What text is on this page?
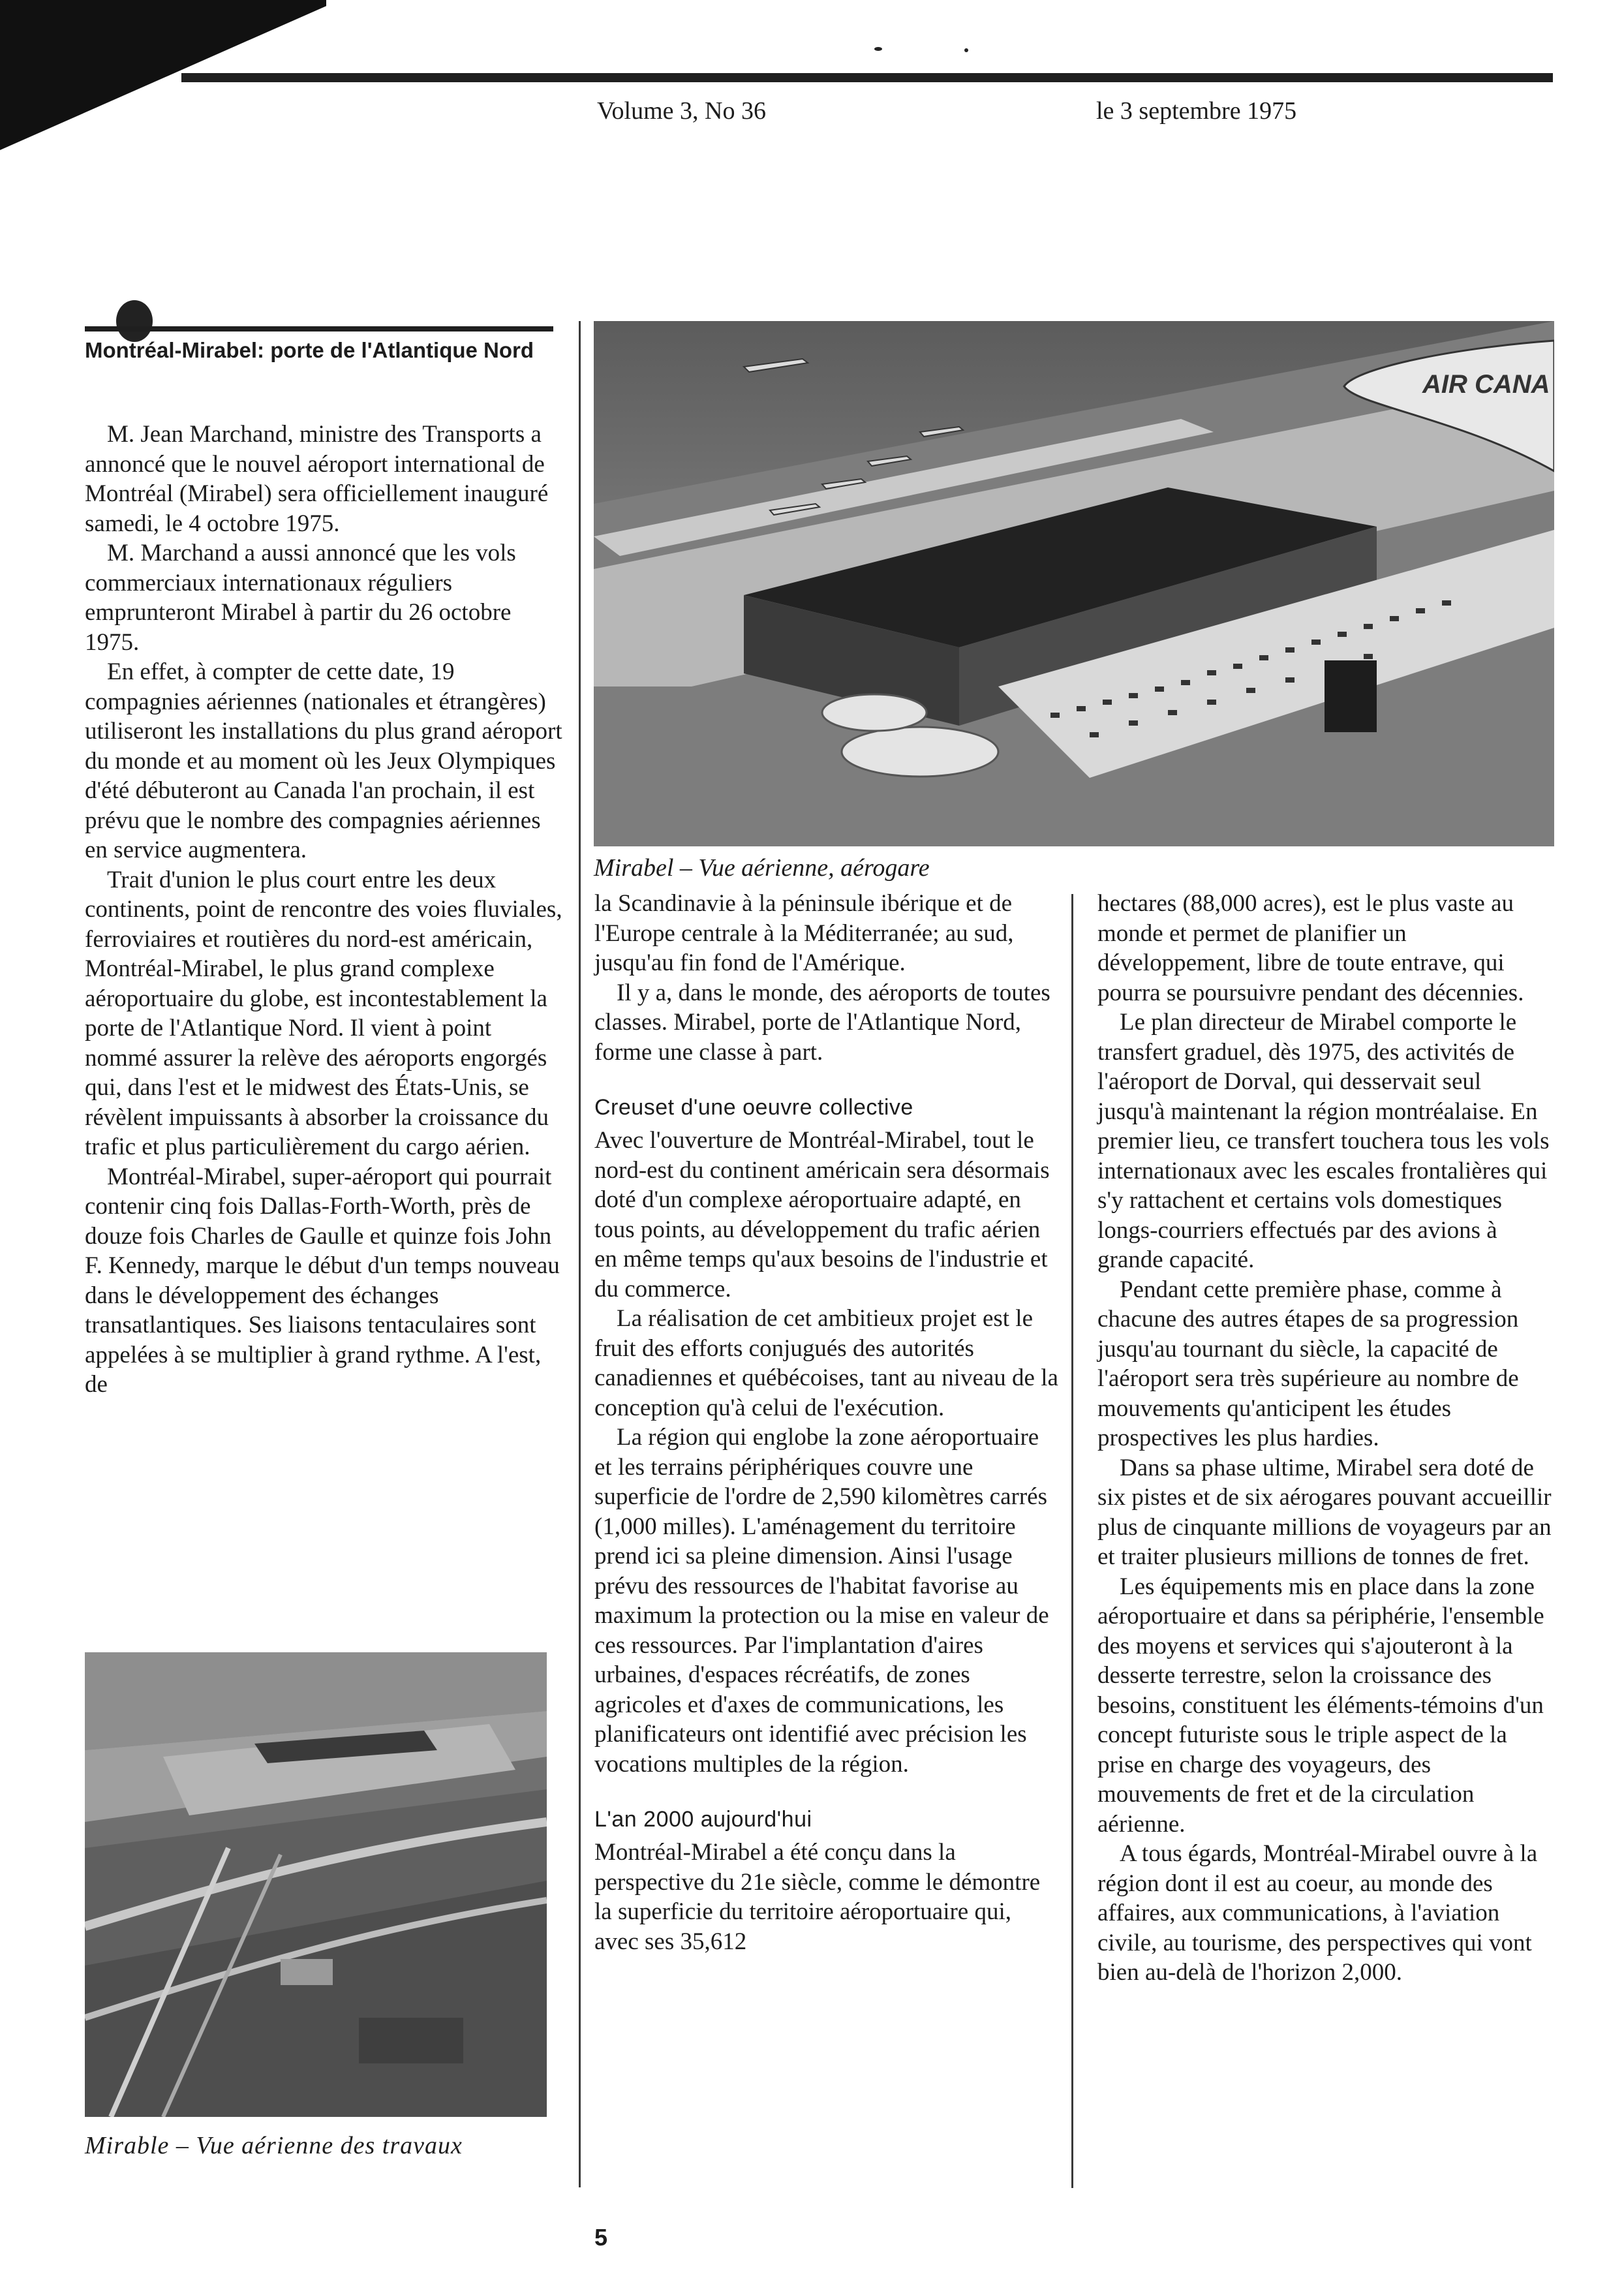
Volume 3, No 36	le 3 septembre 1975
Montréal-Mirabel: porte de l'Atlantique Nord

M. Jean Marchand, ministre des Transports a annoncé que le nouvel aéroport international de Montréal (Mirabel) sera officiellement inauguré samedi, le 4 octobre 1975.

M. Marchand a aussi annoncé que les vols commerciaux internationaux réguliers emprunteront Mirabel à partir du 26 octobre 1975.

En effet, à compter de cette date, 19 compagnies aériennes (nationales et étrangères) utiliseront les installations du plus grand aéroport du monde et au moment où les Jeux Olympiques d'été débuteront au Canada l'an prochain, il est prévu que le nombre des compagnies aériennes en service augmentera.

Trait d'union le plus court entre les deux continents, point de rencontre des voies fluviales, ferroviaires et routières du nord-est américain, Montréal-Mirabel, le plus grand complexe aéroportuaire du globe, est incontestablement la porte de l'Atlantique Nord. Il vient à point nommé assurer la relève des aéroports engorgés qui, dans l'est et le midwest des États-Unis, se révèlent impuissants à absorber la croissance du trafic et plus particulièrement du cargo aérien.

Montréal-Mirabel, super-aéroport qui pourrait contenir cinq fois Dallas-Forth-Worth, près de douze fois Charles de Gaulle et quinze fois John F. Kennedy, marque le début d'un temps nouveau dans le développement des échanges transatlantiques. Ses liaisons tentaculaires sont appelées à se multiplier à grand rythme. A l'est, de

AIR CANA
Mirabel – Vue aérienne, aérogare
Mirable – Vue aérienne des travaux

la Scandinavie à la péninsule ibérique et de l'Europe centrale à la Méditerranée; au sud, jusqu'au fin fond de l'Amérique.

Il y a, dans le monde, des aéroports de toutes classes. Mirabel, porte de l'Atlantique Nord, forme une classe à part.

Creuset d'une oeuvre collective

Avec l'ouverture de Montréal-Mirabel, tout le nord-est du continent américain sera désormais doté d'un complexe aéroportuaire adapté, en tous points, au développement du trafic aérien en même temps qu'aux besoins de l'industrie et du commerce.

La réalisation de cet ambitieux projet est le fruit des efforts conjugués des autorités canadiennes et québécoises, tant au niveau de la conception qu'à celui de l'exécution.

La région qui englobe la zone aéroportuaire et les terrains périphériques couvre une superficie de l'ordre de 2,590 kilomètres carrés (1,000 milles). L'aménagement du territoire prend ici sa pleine dimension. Ainsi l'usage prévu des ressources de l'habitat favorise au maximum la protection ou la mise en valeur de ces ressources. Par l'implantation d'aires urbaines, d'espaces récréatifs, de zones agricoles et d'axes de communications, les planificateurs ont identifié avec précision les vocations multiples de la région.

L'an 2000 aujourd'hui

Montréal-Mirabel a été conçu dans la perspective du 21e siècle, comme le démontre la superficie du territoire aéroportuaire qui, avec ses 35,612

hectares (88,000 acres), est le plus vaste au monde et permet de planifier un développement, libre de toute entrave, qui pourra se poursuivre pendant des décennies.

Le plan directeur de Mirabel comporte le transfert graduel, dès 1975, des activités de l'aéroport de Dorval, qui desservait seul jusqu'à maintenant la région montréalaise. En premier lieu, ce transfert touchera tous les vols internationaux avec les escales frontalières qui s'y rattachent et certains vols domestiques longs-courriers effectués par des avions à grande capacité.

Pendant cette première phase, comme à chacune des autres étapes de sa progression jusqu'au tournant du siècle, la capacité de l'aéroport sera très supérieure au nombre de mouvements qu'anticipent les études prospectives les plus hardies.

Dans sa phase ultime, Mirabel sera doté de six pistes et de six aérogares pouvant accueillir plus de cinquante millions de voyageurs par an et traiter plusieurs millions de tonnes de fret.

Les équipements mis en place dans la zone aéroportuaire et dans sa périphérie, l'ensemble des moyens et services qui s'ajouteront à la desserte terrestre, selon la croissance des besoins, constituent les éléments-témoins d'un concept futuriste sous le triple aspect de la prise en charge des voyageurs, des mouvements de fret et de la circulation aérienne.

A tous égards, Montréal-Mirabel ouvre à la région dont il est au coeur, au monde des affaires, aux communications, à l'aviation civile, au tourisme, des perspectives qui vont bien au-delà de l'horizon 2,000.

5
